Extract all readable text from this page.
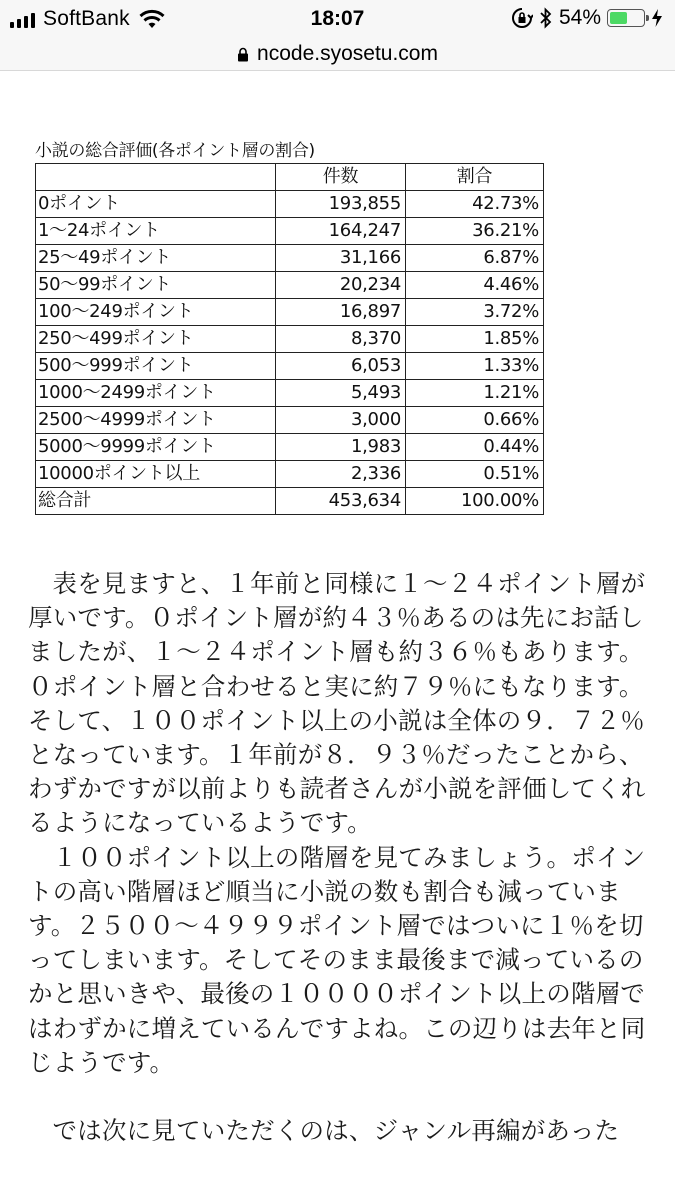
SoftBank	18:07	54%
ncode.syosetu.com
小説の総合評価(各ポイント層の割合)
	件数	割合
0ポイント	193,855	42.73%
1～24ポイント	164,247	36.21%
25～49ポイント	31,166	6.87%
50～99ポイント	20,234	4.46%
100～249ポイント	16,897	3.72%
250～499ポイント	8,370	1.85%
500～999ポイント	6,053	1.33%
1000～2499ポイント	5,493	1.21%
2500～4999ポイント	3,000	0.66%
5000～9999ポイント	1,983	0.44%
10000ポイント以上	2,336	0.51%
総合計	453,634	100.00%

表を見ますと、１年前と同様に１～２４ポイント層が厚いです。０ポイント層が約４３％あるのは先にお話しましたが、１～２４ポイント層も約３６％もあります。０ポイント層と合わせると実に約７９％にもなります。そして、１００ポイント以上の小説は全体の９．７２％となっています。１年前が８．９３％だったことから、わずかですが以前よりも読者さんが小説を評価してくれるようになっているようです。

１００ポイント以上の階層を見てみましょう。ポイントの高い階層ほど順当に小説の数も割合も減っています。２５００～４９９９ポイント層ではついに１％を切ってしまいます。そしてそのまま最後まで減っているのかと思いきや、最後の１００００ポイント以上の階層ではわずかに増えているんですよね。この辺りは去年と同じようです。

では次に見ていただくのは、ジャンル再編があった
